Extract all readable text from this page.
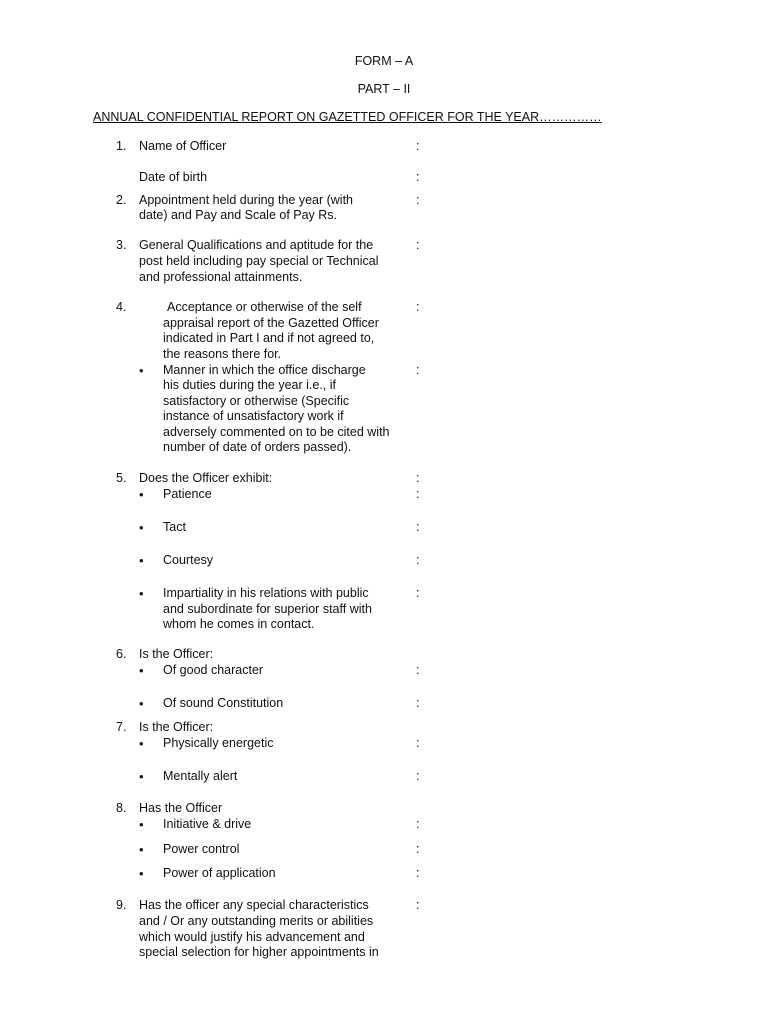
FORM – A
PART – II
ANNUAL CONFIDENTIAL REPORT ON GAZETTED OFFICER FOR THE YEAR……………
1. Name of Officer	:
Date of birth	:
2. Appointment held during the year (with
date) and Pay and Scale of Pay Rs.
:
3. General Qualifications and aptitude for the
post held including pay special or Technical
and professional attainments.
:
4.	Acceptance or otherwise of the self
appraisal report of the Gazetted Officer
indicated in Part I and if not agreed to,
the reasons there for.
:
• Manner in which the office discharge
his duties during the year i.e., if
satisfactory or otherwise (Specific
instance of unsatisfactory work if
adversely commented on to be cited with
number of date of orders passed).
:
5. Does the Officer exhibit:	:
• Patience	:
• Tact	:
• Courtesy	:
• Impartiality in his relations with public
and subordinate for superior staff with
whom he comes in contact.
:
6. Is the Officer:
• Of good character	:
• Of sound Constitution	:
7. Is the Officer:
• Physically energetic	:
• Mentally alert	:
8. Has the Officer
• Initiative & drive	:
• Power control	:
• Power of application	:
9. Has the officer any special characteristics
and / Or any outstanding merits or abilities
which would justify his advancement and
special selection for higher appointments in
:
